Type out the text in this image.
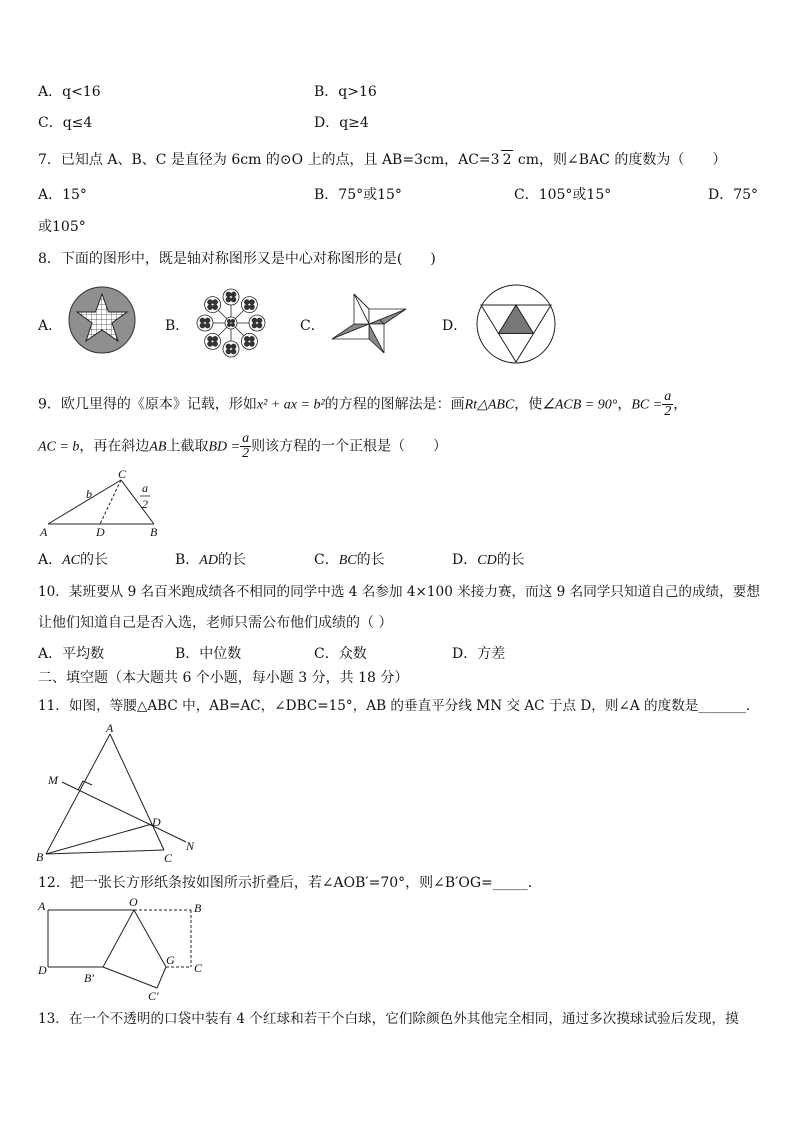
A．q<16	B．q>16
C．q≤4	D．q≥4
7．已知点 A、B、C 是直径为 6cm 的⊙O 上的点，且 AB=3cm，AC=3 2 cm，则∠BAC 的度数为（　　）
A．15°	B．75°或15°	C．105°或15°	D．75°
或105°
8．下面的图形中，既是轴对称图形又是中心对称图形的是(　　)
A．	B．	C．	D．
9．欧几里得的《原本》记载，形如x² + ax = b²的方程的图解法是：画Rt△ABC，使∠ACB = 90°，BC = $\frac{a}{2}$ ，
AC = b，再在斜边AB上截取BD = $\frac{a}{2}$ 则该方程的一个正根是（　　）
C
A	D	B
b	a
2
A．AC的长	B．AD的长	C．BC的长	D．CD的长
10．某班要从 9 名百米跑成绩各不相同的同学中选 4 名参加 4×100 米接力赛，而这 9 名同学只知道自己的成绩，要想
让他们知道自己是否入选，老师只需公布他们成绩的（ ）
A．平均数	B．中位数	C．众数	D．方差
二、填空题（本大题共 6 个小题，每小题 3 分，共 18 分）
11．如图，等腰△ABC 中，AB=AC，∠DBC=15°，AB 的垂直平分线 MN 交 AC 于点 D，则∠A 的度数是_______．
A
M
D
N
B	C
12．把一张长方形纸条按如图所示折叠后，若∠AOB′=70°，则∠B′OG=_____．
A	O	B
D
B′
G
C
C′
13．在一个不透明的口袋中装有 4 个红球和若干个白球，它们除颜色外其他完全相同，通过多次摸球试验后发现，摸
